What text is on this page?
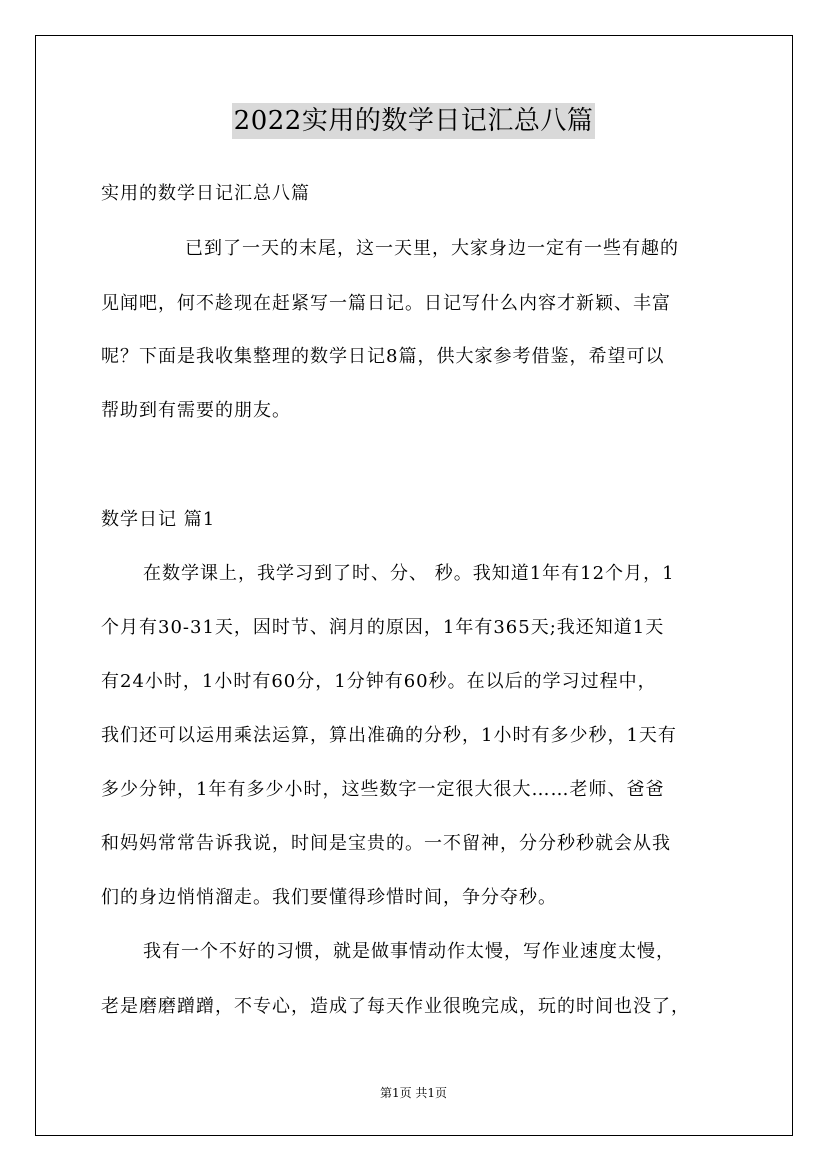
2022实用的数学日记汇总八篇
实用的数学日记汇总八篇
已到了一天的末尾，这一天里，大家身边一定有一些有趣的
见闻吧，何不趁现在赶紧写一篇日记。日记写什么内容才新颖、丰富
呢？下面是我收集整理的数学日记8篇，供大家参考借鉴，希望可以
帮助到有需要的朋友。
数学日记 篇1
在数学课上，我学习到了时、分、 秒。我知道1年有12个月，1
个月有30-31天，因时节、润月的原因，1年有365天;我还知道1天
有24小时，1小时有60分，1分钟有60秒。在以后的学习过程中，
我们还可以运用乘法运算，算出准确的分秒，1小时有多少秒，1天有
多少分钟，1年有多少小时，这些数字一定很大很大……老师、爸爸
和妈妈常常告诉我说，时间是宝贵的。一不留神，分分秒秒就会从我
们的身边悄悄溜走。我们要懂得珍惜时间，争分夺秒。
我有一个不好的习惯，就是做事情动作太慢，写作业速度太慢，
老是磨磨蹭蹭，不专心，造成了每天作业很晚完成，玩的时间也没了，
第1页 共1页
